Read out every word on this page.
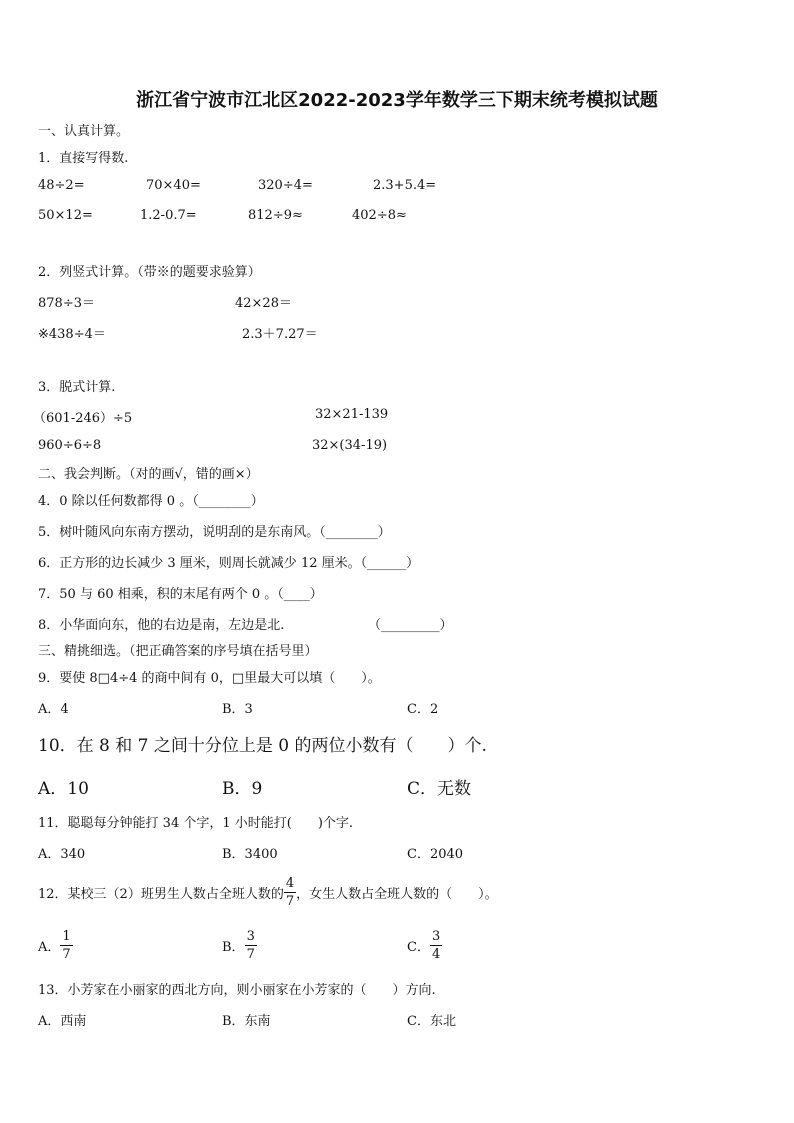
浙江省宁波市江北区2022-2023学年数学三下期末统考模拟试题
一、认真计算。
1．直接写得数.
48÷2=	70×40=	320÷4=	2.3+5.4=
50×12=	1.2-0.7=	812÷9≈	402÷8≈
2．列竖式计算。（带※的题要求验算）
878÷3＝	42×28＝
※438÷4＝	2.3＋7.27＝
3．脱式计算.
（601-246）÷5	32×21-139
960÷6÷8	32×(34-19)
二、我会判断。（对的画√，错的画×）
4．0 除以任何数都得 0 。（________）
5．树叶随风向东南方摆动，说明刮的是东南风。（________）
6．正方形的边长减少 3 厘米，则周长就减少 12 厘米。（______）
7．50 与 60 相乘，积的末尾有两个 0 。（____）
8．小华面向东，他的右边是南，左边是北.	（_________）
三、精挑细选。（把正确答案的序号填在括号里）
9．要使 8□4÷4 的商中间有 0，□里最大可以填（　　）。
A．4	B．3	C．2
10．在 8 和 7 之间十分位上是 0 的两位小数有（　　）个.
A．10	B．9	C．无数
11．聪聪每分钟能打 34 个字，1 小时能打(　　)个字.
A．340	B．3400	C．2040
12．某校三（2）班男生人数占全班人数的 $\frac{4}{7}$ ，女生人数占全班人数的（　　）。
A． $\frac{1}{7}$	B． $\frac{3}{7}$	C． $\frac{3}{4}$
13．小芳家在小丽家的西北方向，则小丽家在小芳家的（　　）方向.
A．西南	B．东南	C．东北
